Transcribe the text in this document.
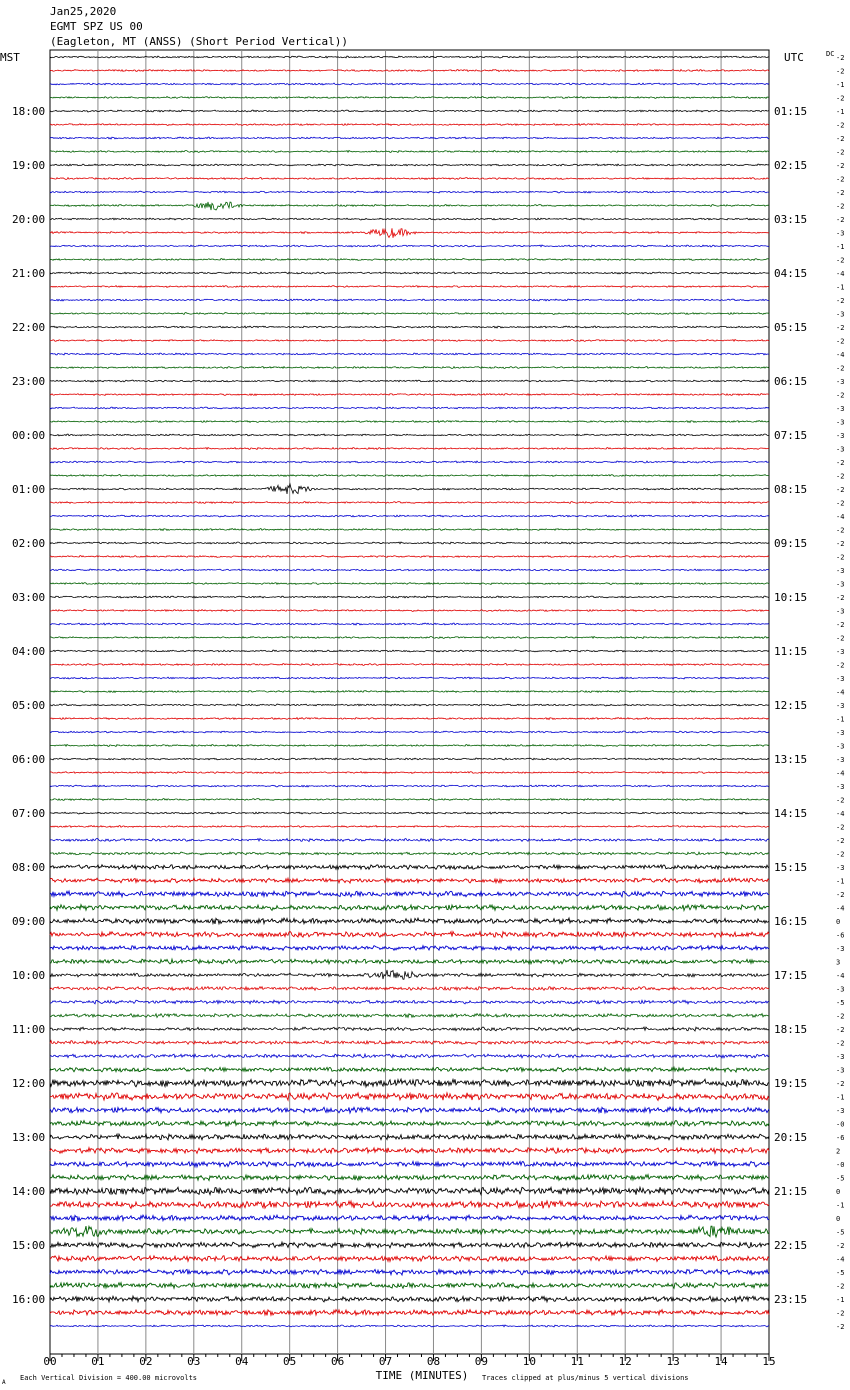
Jan25,2020
EGMT SPZ US 00
(Eagleton, MT (ANSS) (Short Period Vertical))
-2
-2
-1
-2
-1
-2
-2
-2
-2
-2
-2
-2
-2
-3
-1
-2
-4
-1
-2
-3
-2
-2
-4
-2
-3
-2
-3
-3
-3
-3
-2
-2
-2
-2
-4
-2
-2
-2
-3
-3
-2
-3
-2
-2
-3
-2
-3
-4
-3
-1
-3
-3
-3
-4
-3
-2
-4
-2
-2
-2
-3
-1
-2
-4
0
-6
-3
3
-4
-3
-5
-2
-2
-2
-3
-3
-2
-1
-3
-0
-6
2
-0
-5
0
-1
0
-5
-2
-4
-5
-2
-1
-2
-2
18:00
19:00
20:00
21:00
22:00
23:00
00:00
01:00
02:00
03:00
04:00
05:00
06:00
07:00
08:00
09:00
10:00
11:00
12:00
13:00
14:00
15:00
16:00
01:15
02:15
03:15
04:15
05:15
06:15
07:15
08:15
09:15
10:15
11:15
12:15
13:15
14:15
15:15
16:15
17:15
18:15
19:15
20:15
21:15
22:15
23:15
MST	UTC	DC
00	01	02	03	04	05	06	07	08	09	10	11	12	13	14	15
TIME (MINUTES)
Each Vertical Division = 400.00 microvolts	Traces clipped at plus/minus 5 vertical divisions
A
